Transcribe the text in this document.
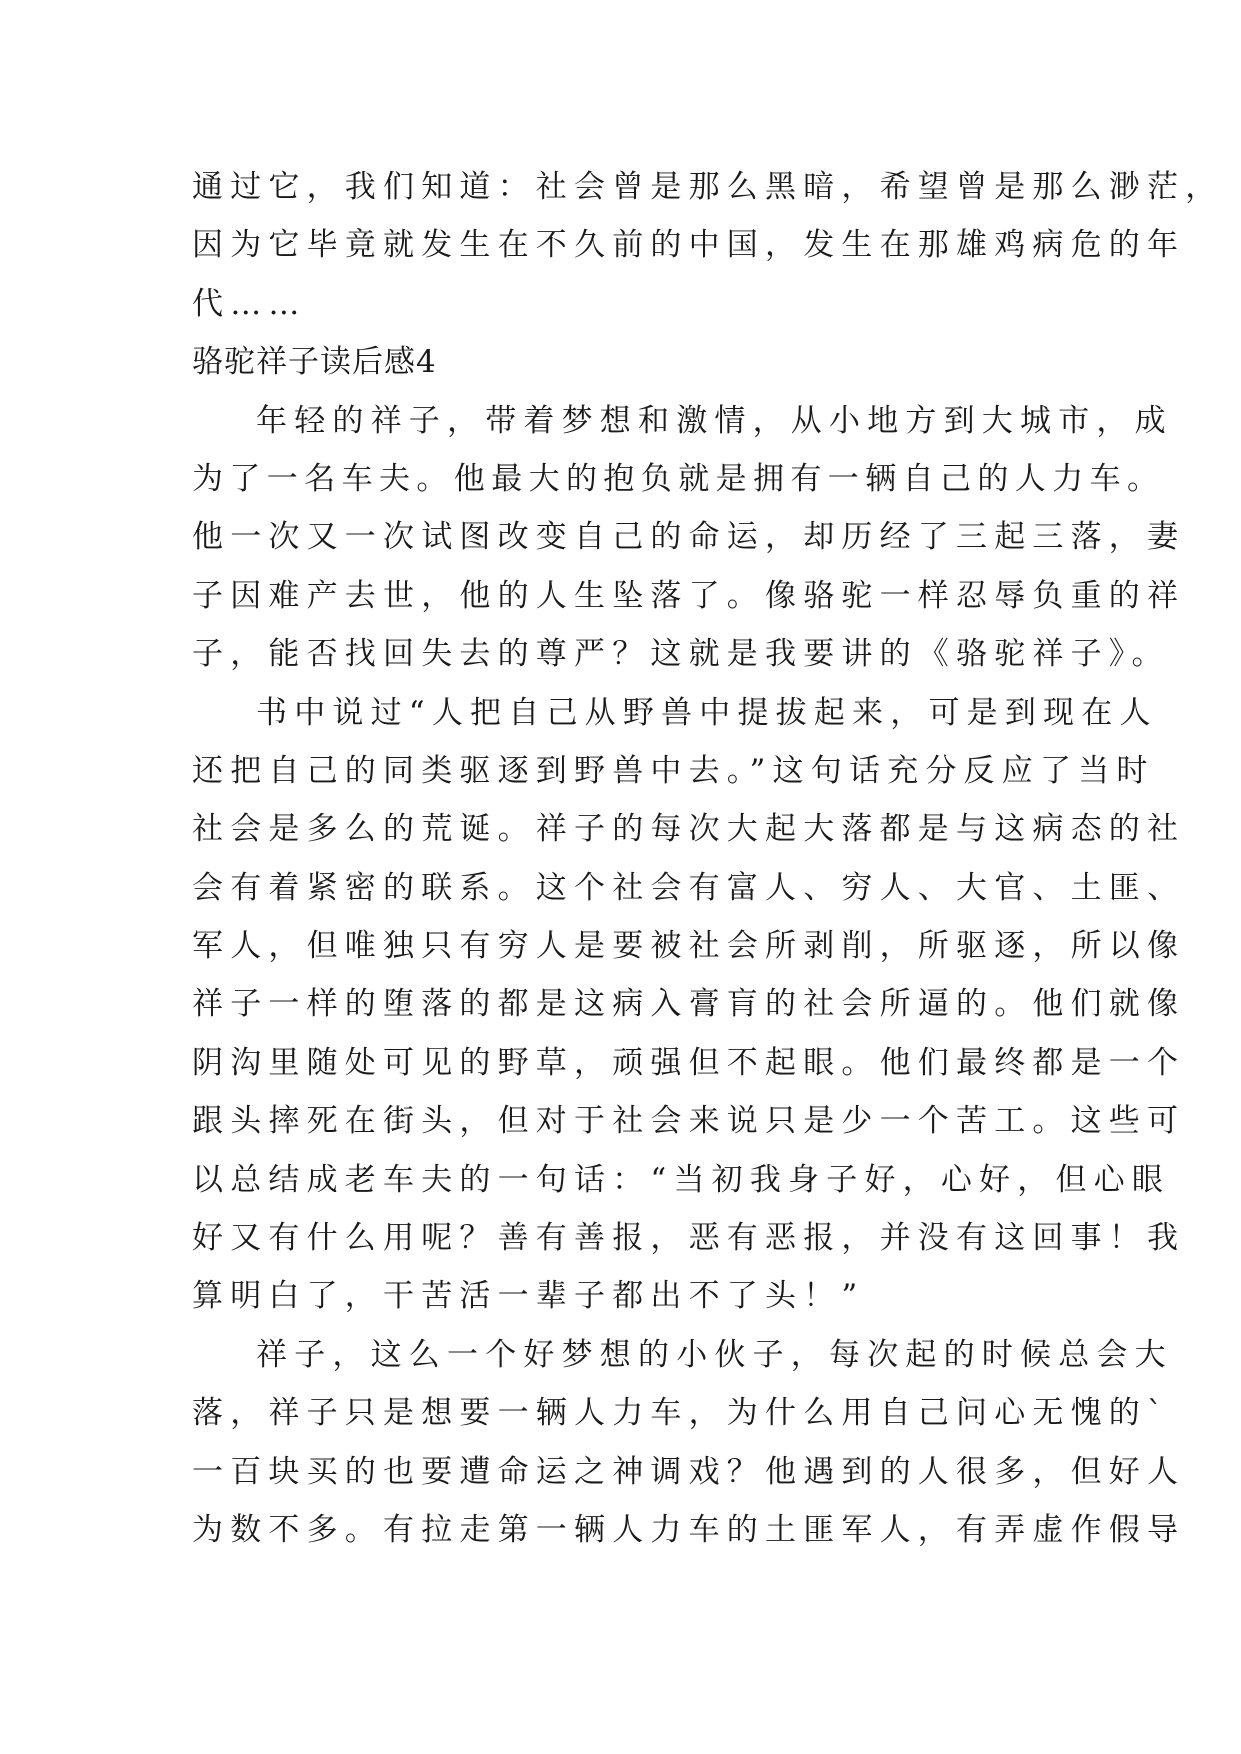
通过它，我们知道：社会曾是那么黑暗，希望曾是那么渺茫，
因为它毕竟就发生在不久前的中国，发生在那雄鸡病危的年
代……
骆驼祥子读后感4
年轻的祥子，带着梦想和激情，从小地方到大城市，成
为了一名车夫。他最大的抱负就是拥有一辆自己的人力车。
他一次又一次试图改变自己的命运，却历经了三起三落，妻
子因难产去世，他的人生坠落了。像骆驼一样忍辱负重的祥
子，能否找回失去的尊严？这就是我要讲的《骆驼祥子》。
书中说过“人把自己从野兽中提拔起来，可是到现在人
还把自己的同类驱逐到野兽中去。”这句话充分反应了当时
社会是多么的荒诞。祥子的每次大起大落都是与这病态的社
会有着紧密的联系。这个社会有富人、穷人、大官、土匪、
军人，但唯独只有穷人是要被社会所剥削，所驱逐，所以像
祥子一样的堕落的都是这病入膏肓的社会所逼的。他们就像
阴沟里随处可见的野草，顽强但不起眼。他们最终都是一个
跟头摔死在街头，但对于社会来说只是少一个苦工。这些可
以总结成老车夫的一句话：“当初我身子好，心好，但心眼
好又有什么用呢？善有善报，恶有恶报，并没有这回事！我
算明白了，干苦活一辈子都出不了头！”
祥子，这么一个好梦想的小伙子，每次起的时候总会大
落，祥子只是想要一辆人力车，为什么用自己问心无愧的`
一百块买的也要遭命运之神调戏？他遇到的人很多，但好人
为数不多。有拉走第一辆人力车的土匪军人，有弄虚作假导
